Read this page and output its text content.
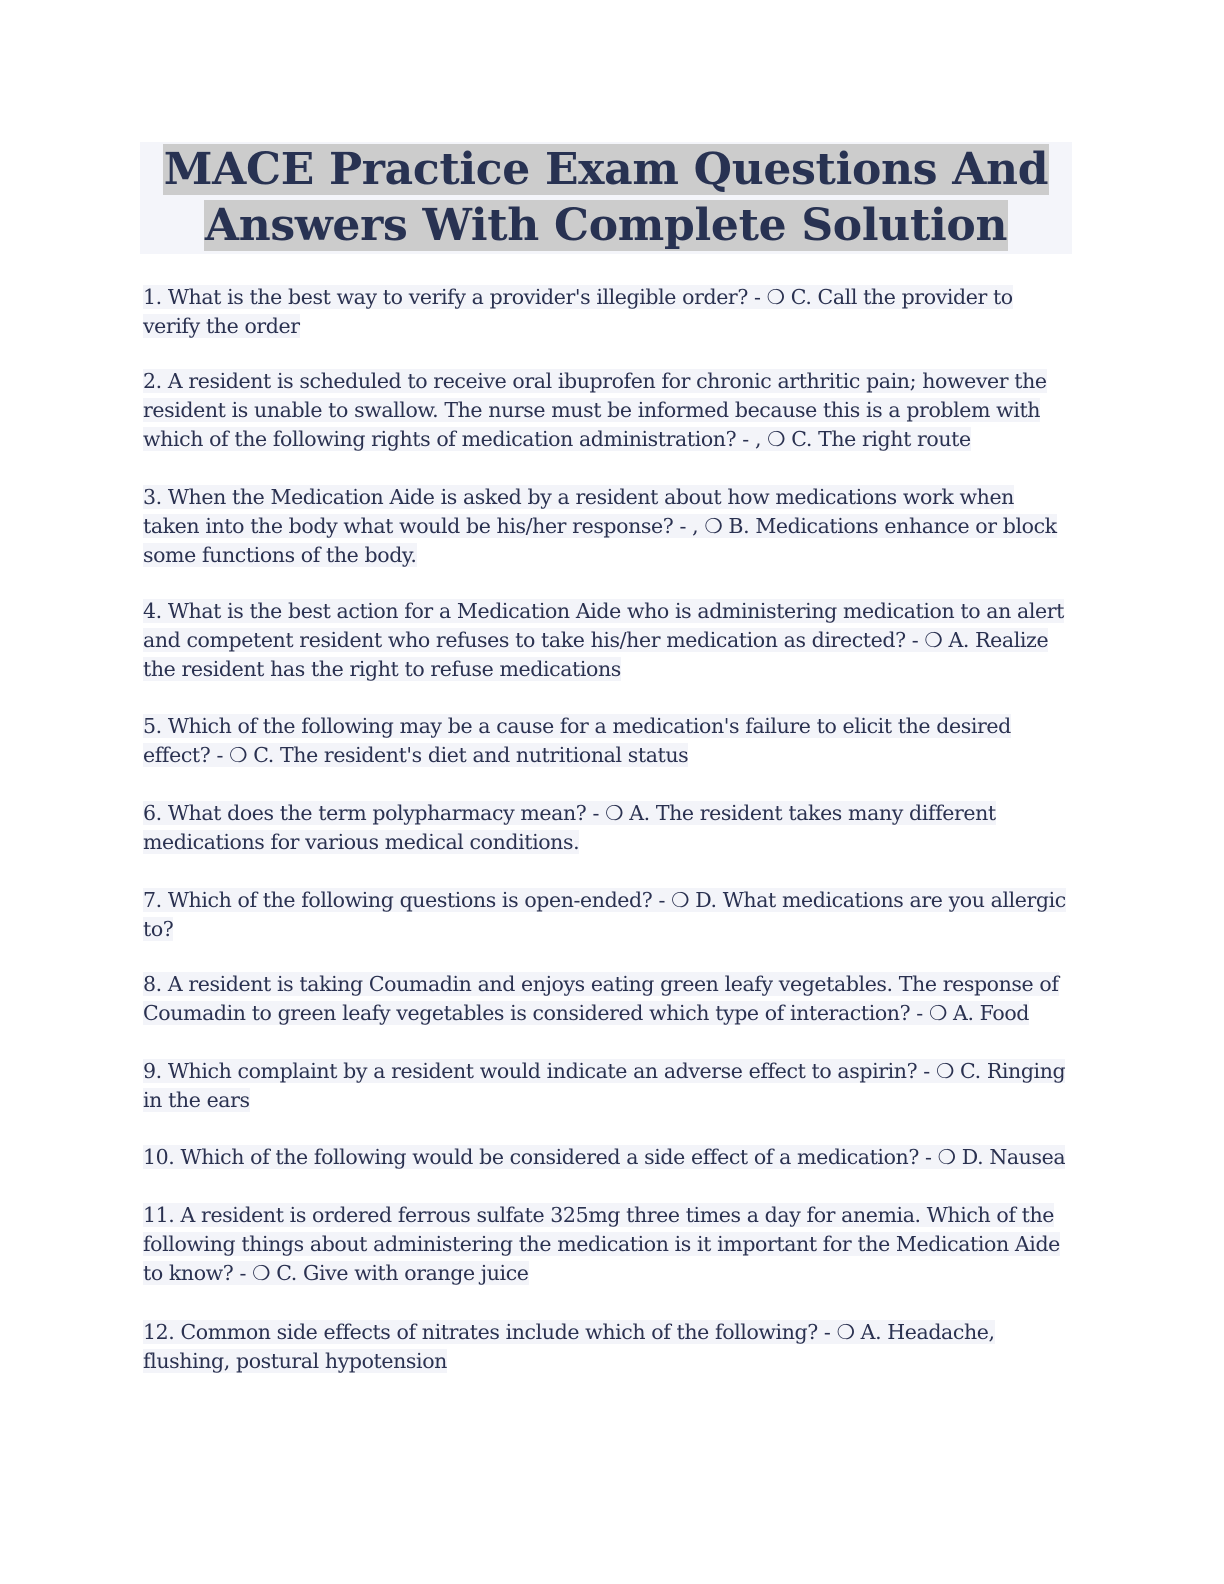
MACE Practice Exam Questions And Answers With Complete Solution

1. What is the best way to verify a provider's illegible order? - ❍ C. Call the provider to verify the order

2. A resident is scheduled to receive oral ibuprofen for chronic arthritic pain; however the resident is unable to swallow. The nurse must be informed because this is a problem with which of the following rights of medication administration? - , ❍ C. The right route

3. When the Medication Aide is asked by a resident about how medications work when taken into the body what would be his/her response? - , ❍ B. Medications enhance or block some functions of the body.

4. What is the best action for a Medication Aide who is administering medication to an alert and competent resident who refuses to take his/her medication as directed? - ❍ A. Realize the resident has the right to refuse medications

5. Which of the following may be a cause for a medication's failure to elicit the desired effect? - ❍ C. The resident's diet and nutritional status

6. What does the term polypharmacy mean? - ❍ A. The resident takes many different medications for various medical conditions.

7. Which of the following questions is open-ended? - ❍ D. What medications are you allergic to?

8. A resident is taking Coumadin and enjoys eating green leafy vegetables. The response of Coumadin to green leafy vegetables is considered which type of interaction? - ❍ A. Food

9. Which complaint by a resident would indicate an adverse effect to aspirin? - ❍ C. Ringing in the ears

10. Which of the following would be considered a side effect of a medication? - ❍ D. Nausea

11. A resident is ordered ferrous sulfate 325mg three times a day for anemia. Which of the following things about administering the medication is it important for the Medication Aide to know? - ❍ C. Give with orange juice

12. Common side effects of nitrates include which of the following? - ❍ A. Headache, flushing, postural hypotension
